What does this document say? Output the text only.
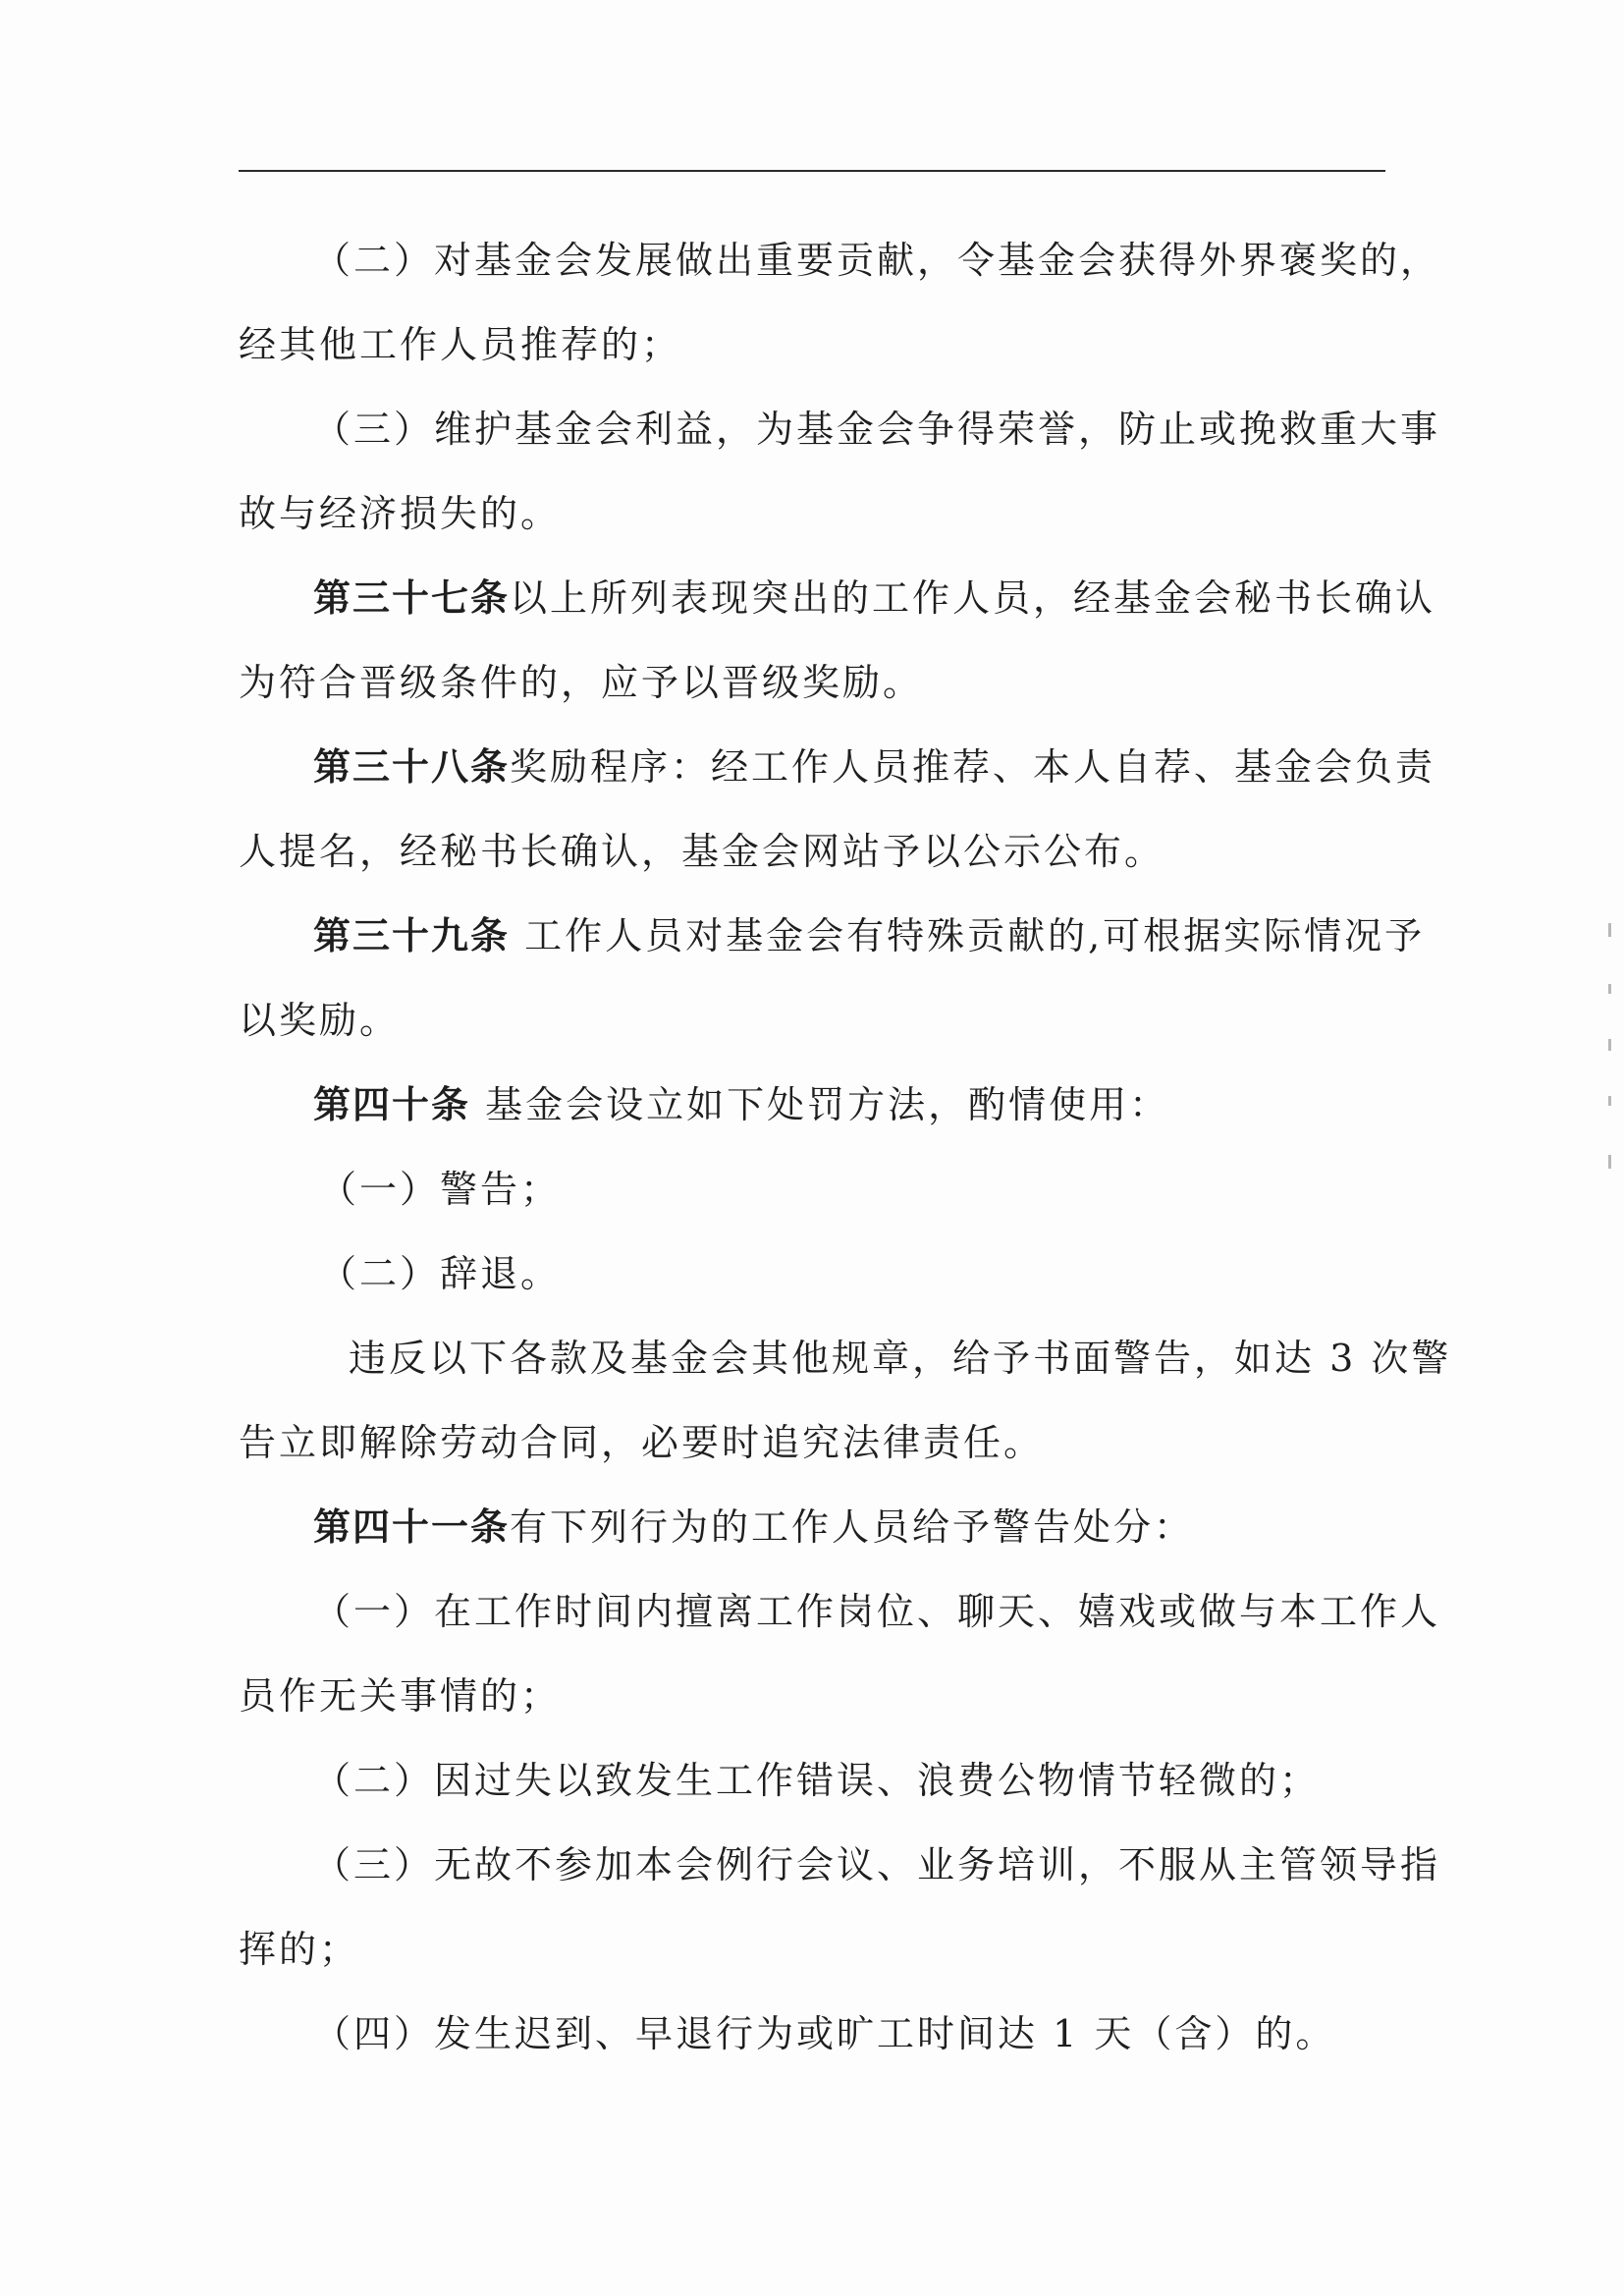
（二）对基金会发展做出重要贡献，令基金会获得外界褒奖的，
经其他工作人员推荐的；
（三）维护基金会利益，为基金会争得荣誉，防止或挽救重大事
故与经济损失的。
第三十七条以上所列表现突出的工作人员，经基金会秘书长确认
为符合晋级条件的，应予以晋级奖励。
第三十八条奖励程序：经工作人员推荐、本人自荐、基金会负责
人提名，经秘书长确认，基金会网站予以公示公布。
第三十九条 工作人员对基金会有特殊贡献的,可根据实际情况予
以奖励。
第四十条 基金会设立如下处罚方法，酌情使用：
（一）警告；
（二）辞退。
违反以下各款及基金会其他规章，给予书面警告，如达 3 次警
告立即解除劳动合同，必要时追究法律责任。
第四十一条有下列行为的工作人员给予警告处分：
（一）在工作时间内擅离工作岗位、聊天、嬉戏或做与本工作人
员作无关事情的；
（二）因过失以致发生工作错误、浪费公物情节轻微的；
（三）无故不参加本会例行会议、业务培训，不服从主管领导指
挥的；
（四）发生迟到、早退行为或旷工时间达 1 天（含）的。
